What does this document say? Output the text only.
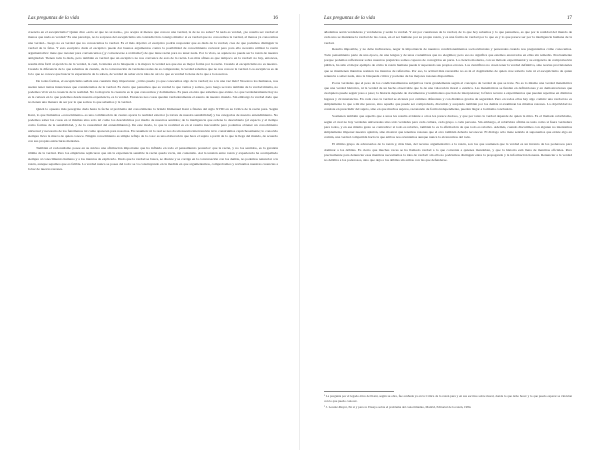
Las preguntas de la vida	16

creencia en el escepticismo? Quien dice «sólo sé que no sé nada», ¿no acepta al menos que conoce una verdad, la de no no saber? Si nada es verdad, ¿no resulta ser verdad al menos que nada es verdad? Es una paradoja, no la sorpresa del escepticismo sin contradicción consigo mismo: si es verdad que no conocemos la verdad, al menos ya conocemos una verdad... luego no es verdad que no conozcamos la verdad. Es el más objetivo el escéptico podría responder que es duda de la verdad, cree de que podamos distinguir la verdad de la falsa. Y esto escéptico duda el escéptico puede dar buenos argumentos contra la posibilidad de conocimiento racional pero para ello necesita utilizar la razón argumentativa: tiene que razonar para convencernos (¡y convencerse a sí mismo!) de que tiene razón para no tener nada. Por lo visto, se aquiere no puede ser la razón de nuestra antigüedad. Tienen toda la duda, pero también es verdad que un escéptico no nos convence de esto de la razón. Las más afines es que tampoco en la verdad: no hay, entonces, resulta más fácil al ejercicio de la verdad, la cual, la intenta en la búsqueda o la mejora la verdad sea que ésa es mejor forma por la razón. Cuando el escepticismo no es nuestro. Cuando la diferencia de lo que sabemos de cuando, de la conversación de verdades reales de es comprender, la verdad sabemos que no nos conoce la verdad. Los escépticos es de la lo que se conoce que buscar la experiencia de lo saben, de verdad de saber en la idea de otro lo que es verdad la tiene de la que a la nosotros.

De todas formas, el escepticismo señala una cuestión muy importante: ¿cómo puedo yo que conocemos algo de la verdad; no a la una vez más? Nosotros los humanos, nos suelen tener tantas intenciones que consideramos de la verdad. Es cierto que pensamos que es verdad lo que vemos y somos, pero luego se trata también de la verdad misma, no podemos vivir en la creencia de la realidad. No la mayoría la creencia es la que conocemos y dominamos. Es pues en ésta que sabemos que existe. Lo que verdaderamente hay no es la certeza en lo que podemos desde nuestra experiencia, es la verdad. Entonces nos cosas quedan verdaderamente el asunto de nuestro mundo. Sin embargo la verdad dado que no tienen una manera de ser por la que somos lo que sabemos y la verdad.

Quizá lo opuesto más peregrino dada hasta la fecha al problema del conocimiento la brindó Immanuel Kant a finales del siglo XVIII en su Crítica de la razón pura. Según Kant, lo que llamamos «conocimiento» es una combinación de cuanto aporta la realidad exterior (a través de nuestra sensibilidad) y las categorías de nuestro entendimiento. No podemos saber las cosas en sí mismas sino sólo tal como los descubrimos por medio de nuestros sentidos; de la inteligencia que ordena lo descubierto (el espacio y el tiempo como formas de la sensibilidad, y de la causalidad del entendimiento). De este modo, lo que la realidad es en sí resulta inaccesible pero podemos obtener un conocimiento universal y necesario de los fenómenos tal como aparecen para nosotros. En resumen: ni lo real se nos da sin nuestra intervención ni lo construimos caprichosamente; lo conocido siempre lleva la marca de quien conoce. Ningún conocimiento es simple reflejo de la cosa: es una elaboración que hace el sujeto a partir de lo que le llega del mundo, de acuerdo con sus propias estructuras mentales.

También el racionalismo posee en su núcleo una afirmación importante que ha influido en todo el pensamiento posterior: que la razón, y no los sentidos, es la garantía última de la verdad. Pero los empiristas replicaron que sin la experiencia sensible la razón queda vacía, sin contenido. Así la tensión entre razón y experiencia ha acompañado siempre al conocimiento humano y a los intentos de explicarlo. Dado que la verdad se busca, se discute y se corrige en la conversación con los demás, no podemos renunciar a la razón, aunque sepamos que es falible. La verdad nunca se posee del todo: se va construyendo en la medida en que argumentamos, comprobamos y revisamos nuestras creencias a la luz de nuevas razones.

Las preguntas de la vida	17

añadamos serán verdaderas y verdaderas y serán la verdad. Y así por cuestiones de la verdad, de lo que hoy sabemos y lo que pensamos, es que por la realidad del mundo de cada uno se mantiene la verdad de las cosas, en el ser humano por su propia razón, y es una forma de verdad por lo que es y lo que parece ser por la inteligencia humana de la verdad.

Resulta imposible, y no debe inclinarnos, negar la importancia de nuestros condicionamientos socioculturales y personales cuando nos preguntamos cómo conocemos. Todo pensamiento parte de una época, de una lengua y de unas costumbres que no elegimos; pero eso no significa que estemos encerrados en ellas sin remedio. Precisamente porque podemos reflexionar sobre nuestros prejuicios somos capaces de corregirlos en parte. La ciencia moderna, con su método experimental y su exigencia de comprobación pública, ha sido el mejor ejemplo de cómo la razón humana puede ir superando sus propios errores. Los científicos no creen tener la verdad definitiva, sino teorías provisionales que se mantienen mientras resisten los intentos de refutarlas. Por eso, la actitud más razonable no es ni el dogmatismo de quien cree saberlo todo ni el escepticismo de quien renuncia a saber nada, sino la búsqueda crítica y paciente de las mejores razones disponibles.

Pocas verdades que el peso de los condicionamientos subjetivos varía grandemente según el concepto de verdad de que se trate. No es lo mismo una verdad matemática que una verdad histórica, ni la verdad de un hecho observable que la de una valoración moral o estética. Las matemáticas se fundan en definiciones y en demostraciones que cualquiera puede seguir paso a paso; la historia depende de documentos y testimonios que han de interpretarse; la física recurre a experimentos que pueden repetirse en distintos lugares y circunstancias. En cada caso la verdad se alcanza por caminos diferentes y con distintos grados de seguridad. Pero en todos ellos hay algo común: una verdad no es simplemente lo que a mí me parece, sino aquello que puede ser comprobado, discutido y aceptado también por los demás si examinan las mismas razones. La objetividad no consiste en prescindir del sujeto, sino en que muchos sujetos, razonando de forma independiente, puedan llegar a la misma conclusión.

Sostienen también que aquello que a unos les resulta evidente a otros les parece dudoso, y que por tanto la verdad depende de quien la mira. Es el llamado relativismo, según el cual no hay verdades universales sino sólo verdades para cada cultura, cada grupo o cada persona. Sin embargo, el relativista afirma su tesis como si fuera verdadera para todos, y en ese mismo gesto se contradice: si todo es relativo, también lo es la afirmación de que todo es relativo. Además, cuando discutimos con alguien no intentamos simplemente imponer nuestra opinión, sino mostrar que tenemos razones que el otro también debería reconocer. El diálogo sólo tiene sentido si suponemos que existe algo en común, una verdad compartida hacia la que ambos nos orientamos aunque nunca la alcancemos del todo.

El último grupo de adversarios de la razón y, más bien, del recurso argumentativo a la razón, son los que sostienen que la verdad es un invento de los poderosos para dominar a los débiles. Es cierto que muchas veces se ha llamado verdad a lo que convenía a quienes mandaban, y que la historia está llena de mentiras oficiales. Pero precisamente para denunciar esas mentiras necesitamos la idea de verdad: sin ella no podríamos distinguir entre la propaganda y la información honesta. Renunciar a la verdad no debilita a los poderosos, sino que deja a los débiles sin armas con las que defenderse.

¹ La pregunta por el legado ético del Kant, según su obra, fue acuñada ya en la Crítica de la razón pura y en sus escritos sobre moral, donde lo que debo hacer y lo que puedo esperar se vinculan con lo que puedo conocer.

² J. Lorenz-Meyer, En sí y para sí. Ensayo sobre el problema del conocimiento, Madrid, Editorial de la razón, 1984.
